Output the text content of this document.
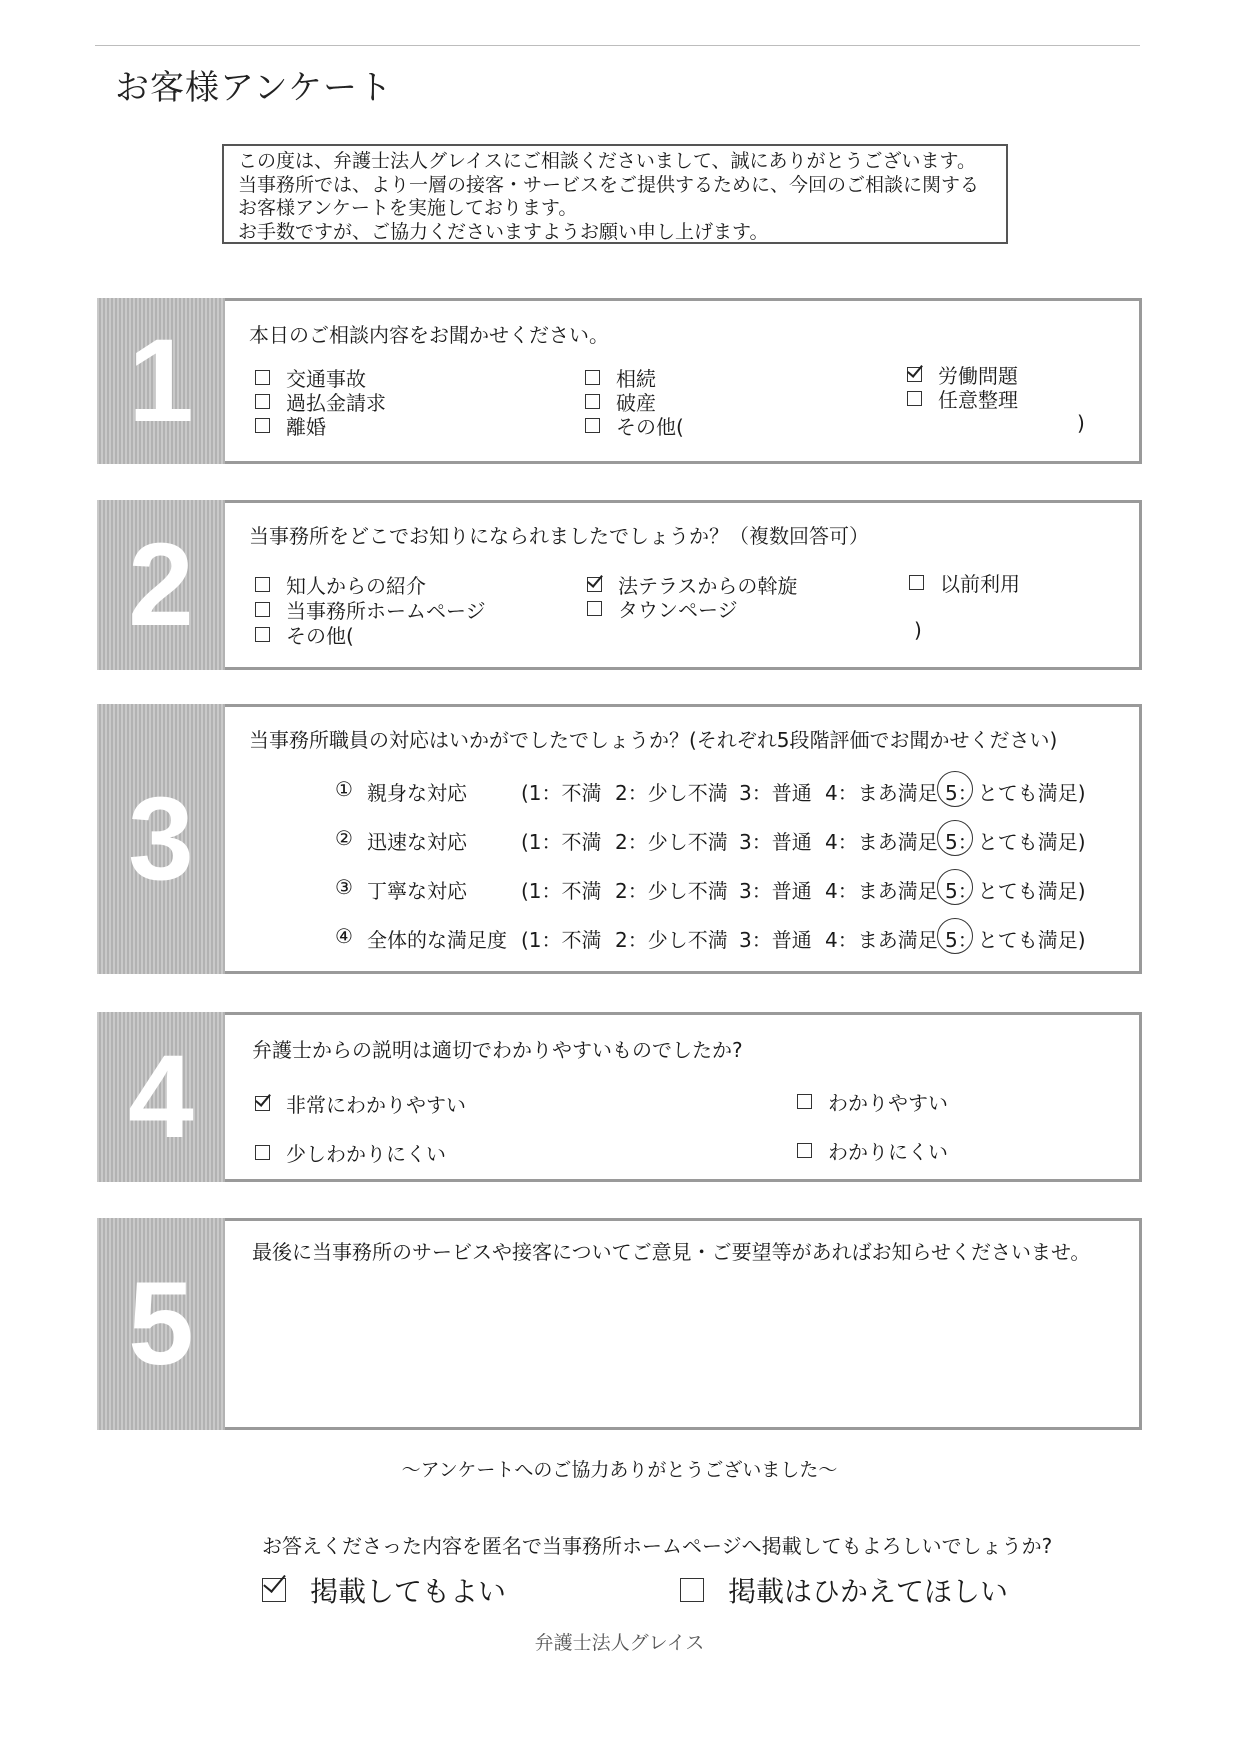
お客様アンケート
この度は、弁護士法人グレイスにご相談くださいまして、誠にありがとうございます。
当事務所では、より一層の接客・サービスをご提供するために、今回のご相談に関する
お客様アンケートを実施しております。
お手数ですが、ご協力くださいますようお願い申し上げます。
1	本日のご相談内容をお聞かせください。
交通事故
過払金請求
離婚
相続
破産
その他(
労働問題
任意整理
)
2	当事務所をどこでお知りになられましたでしょうか？（複数回答可）
知人からの紹介
当事務所ホームページ
その他(
法テラスからの斡旋
タウンページ
以前利用
)
3
当事務所職員の対応はいかがでしたでしょうか？(それぞれ5段階評価でお聞かせください)
① 親身な対応	(1：不満 2：少し不満 3：普通 4：まあ満足 5：とても満足)
② 迅速な対応	(1：不満 2：少し不満 3：普通 4：まあ満足 5：とても満足)
③ 丁寧な対応	(1：不満 2：少し不満 3：普通 4：まあ満足 5：とても満足)
④ 全体的な満足度 (1：不満 2：少し不満 3：普通 4：まあ満足 5：とても満足)
4	弁護士からの説明は適切でわかりやすいものでしたか?
非常にわかりやすい
少しわかりにくい
わかりやすい
わかりにくい
5
最後に当事務所のサービスや接客についてご意見・ご要望等があればお知らせくださいませ。
～アンケートへのご協力ありがとうございました～
お答えくださった内容を匿名で当事務所ホームページへ掲載してもよろしいでしょうか?
掲載してもよい	掲載はひかえてほしい
弁護士法人グレイス
